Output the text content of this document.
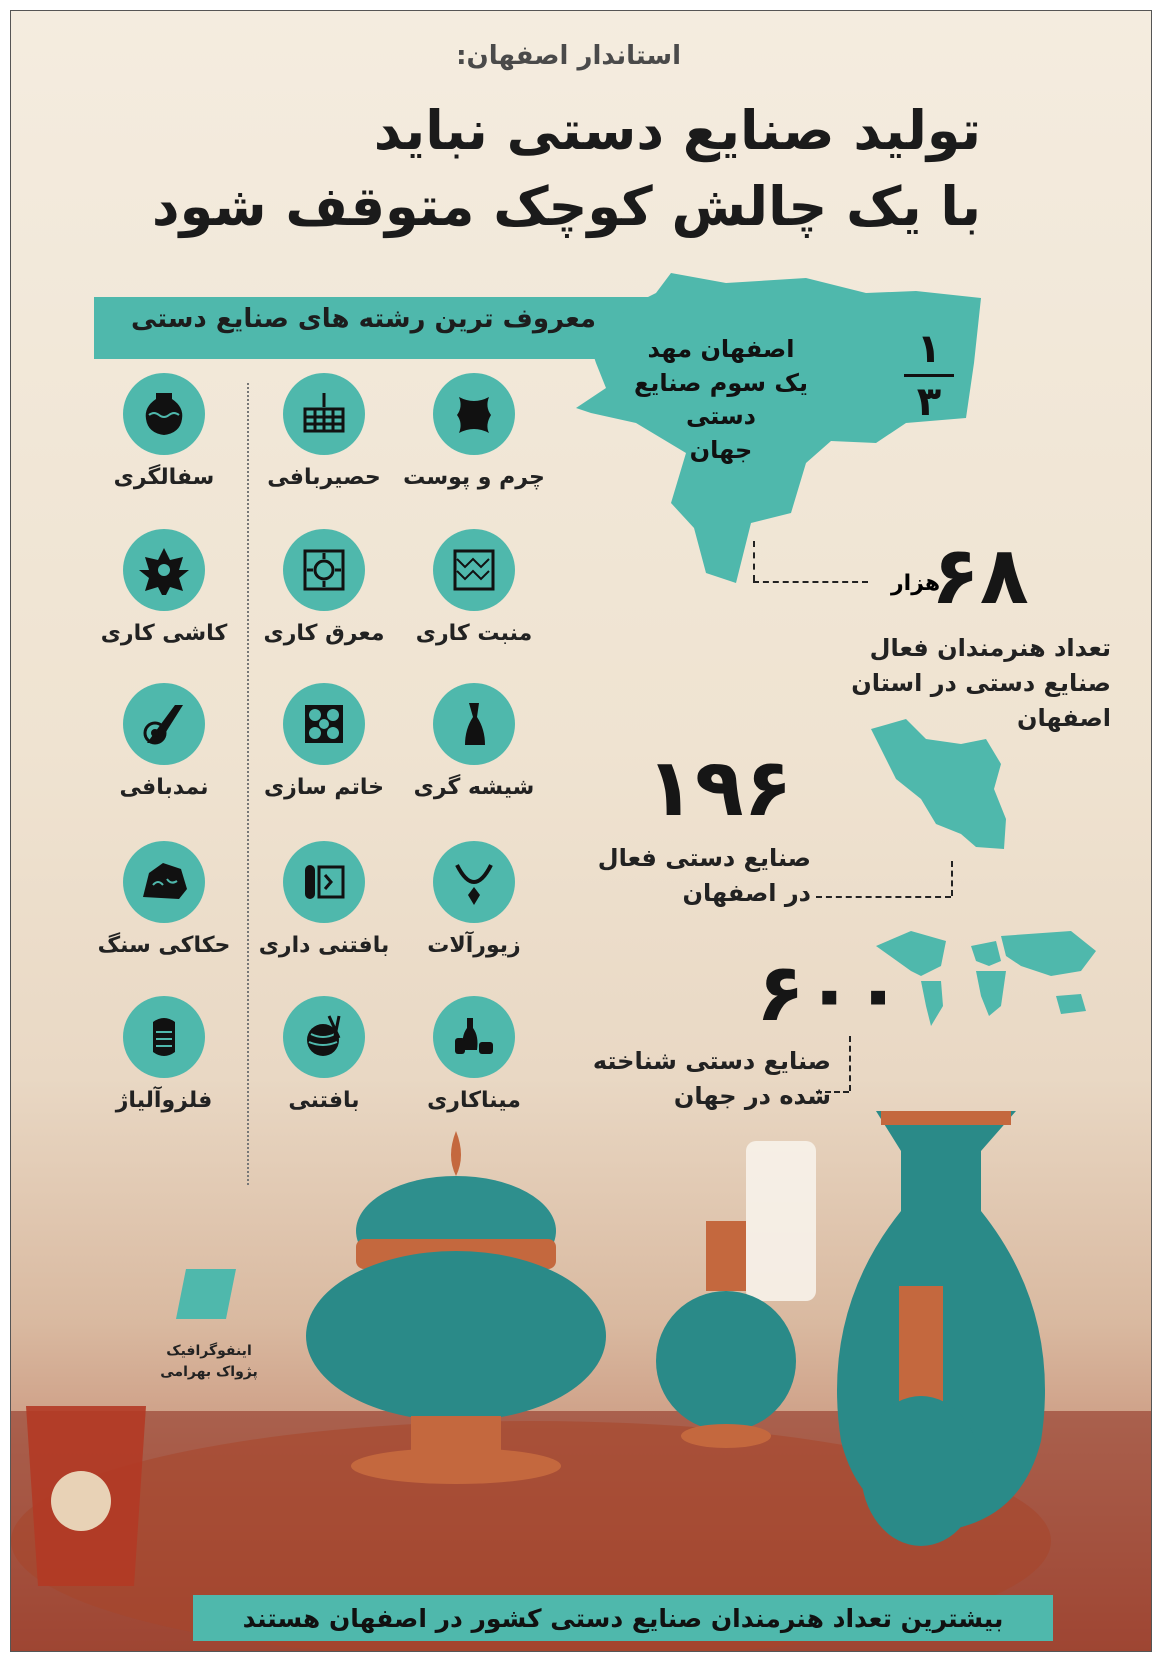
استاندار اصفهان:
تولید صنایع دستی نباید
با یک چالش کوچک متوقف شود
معروف ترین رشته های صنایع دستی
۱
۳
اصفهان مهد
یک سوم صنایع دستی
جهان
چرم و پوست
حصیربافی
سفالگری
منبت کاری
معرق کاری
کاشی کاری
شیشه گری
خاتم سازی
نمدبافی
زیورآلات
بافتنی داری
حکاکی سنگ
میناکاری
بافتنی
فلزوآلیاژ
۶۸
هزار
تعداد هنرمندان فعال
صنایع دستی در استان اصفهان
۱۹۶
صنایع دستی فعال
در اصفهان
۶۰۰
صنایع دستی شناخته
شده در جهان
اینفوگرافیک
پژواک بهرامی
بیشترین تعداد هنرمندان صنایع دستی کشور در اصفهان هستند
